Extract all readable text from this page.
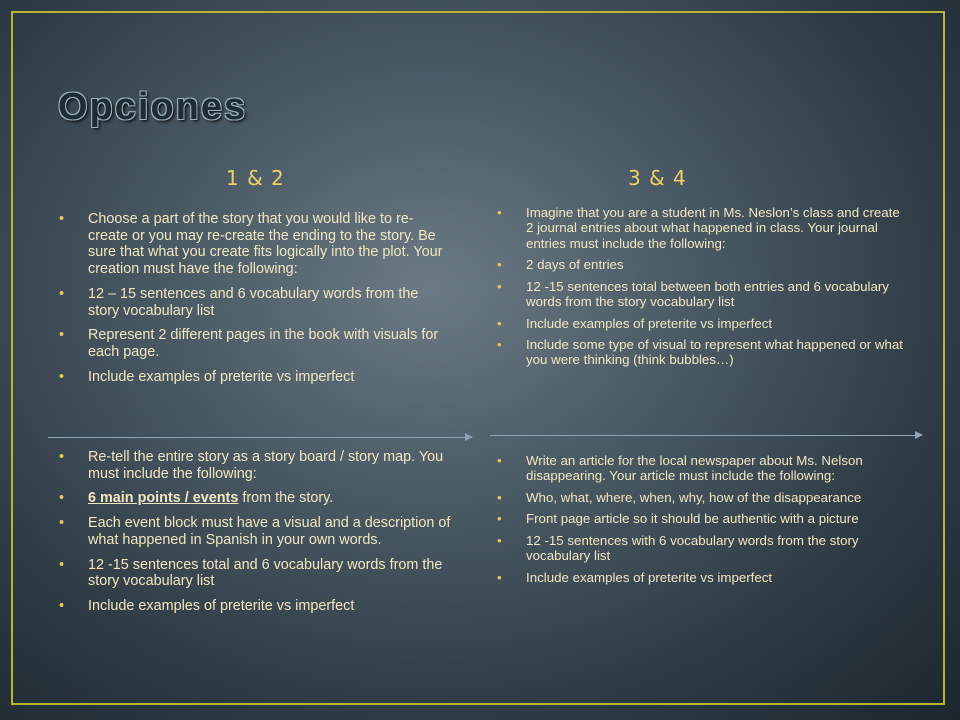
Opciones
1 & 2	3 & 4
• Choose a part of the story that you would like to re-create or you may re-create the ending to the story. Be sure that what you create fits logically into the plot. Your creation must have the following:
• 12 – 15 sentences and 6 vocabulary words from the story vocabulary list
• Represent 2 different pages in the book with visuals for each page.
• Include examples of preterite vs imperfect
• Re-tell the entire story as a story board / story map. You must include the following:
• 6 main points / events from the story.
• Each event block must have a visual and a description of what happened in Spanish in your own words.
• 12 -15 sentences total and 6 vocabulary words from the story vocabulary list
• Include examples of preterite vs imperfect
• Imagine that you are a student in Ms. Neslon’s class and create 2 journal entries about what happened in class. Your journal entries must include the following:
• 2 days of entries
• 12 -15 sentences total between both entries and 6 vocabulary words from the story vocabulary list
• Include examples of preterite vs imperfect
• Include some type of visual to represent what happened or what you were thinking (think bubbles…)
• Write an article for the local newspaper about Ms. Nelson disappearing. Your article must include the following:
• Who, what, where, when, why, how of the disappearance
• Front page article so it should be authentic with a picture
• 12 -15 sentences with 6 vocabulary words from the story vocabulary list
• Include examples of preterite vs imperfect
